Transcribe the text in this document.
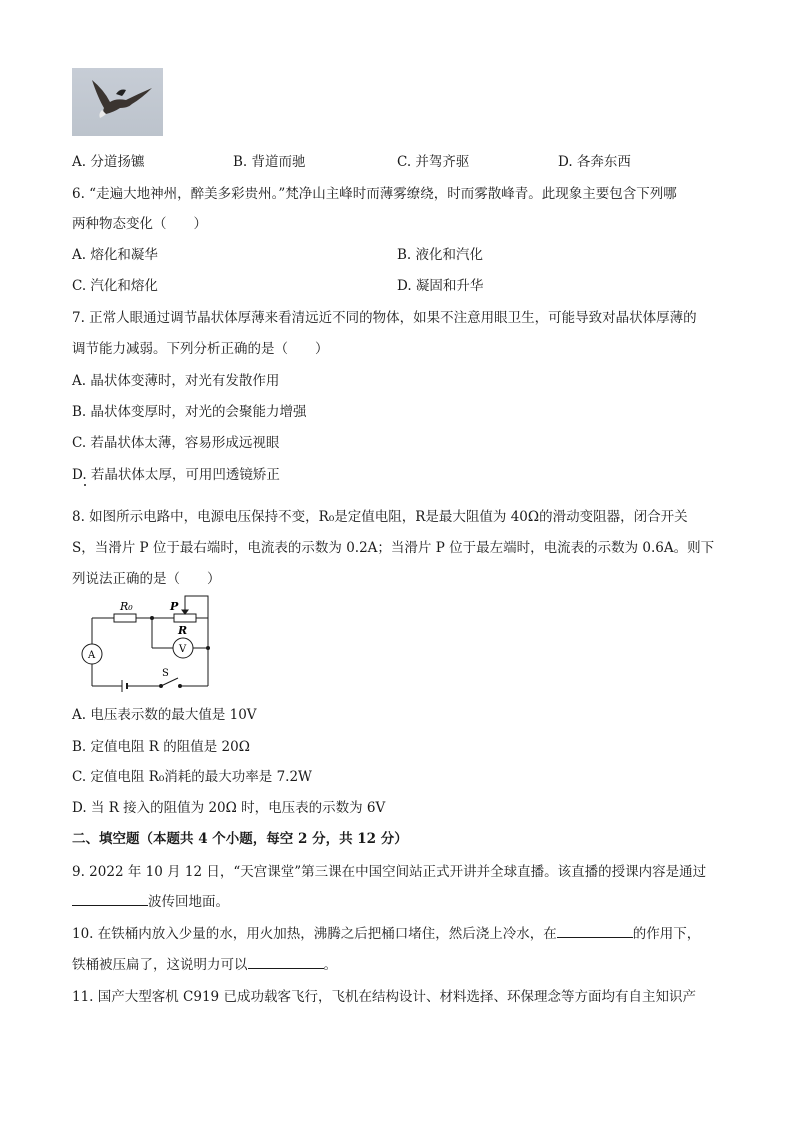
A. 分道扬镳	B. 背道而驰	C. 并驾齐驱	D. 各奔东西
6. “走遍大地神州，醉美多彩贵州。”梵净山主峰时而薄雾缭绕，时而雾散峰青。此现象主要包含下列哪
两种物态变化（　　）
A. 熔化和凝华	B. 液化和汽化
C. 汽化和熔化	D. 凝固和升华
7. 正常人眼通过调节晶状体厚薄来看清远近不同的物体，如果不注意用眼卫生，可能导致对晶状体厚薄的
调节能力减弱。下列分析正确的是（　　）
A. 晶状体变薄时，对光有发散作用
B. 晶状体变厚时，对光的会聚能力增强
C. 若晶状体太薄，容易形成远视眼
D. 若晶状体太厚，可用凹透镜矫正
8. 如图所示电路中，电源电压保持不变，R₀是定值电阻，R是最大阻值为 40Ω的滑动变阻器，闭合开关
S，当滑片 P 位于最右端时，电流表的示数为 0.2A；当滑片 P 位于最左端时，电流表的示数为 0.6A。则下
列说法正确的是（　　）
R₀	P
R
V
A
S
A. 电压表示数的最大值是 10V
B. 定值电阻 R 的阻值是 20Ω
C. 定值电阻 R₀消耗的最大功率是 7.2W
D. 当 R 接入的阻值为 20Ω 时，电压表的示数为 6V
二、填空题（本题共 4 个小题，每空 2 分，共 12 分）
9. 2022 年 10 月 12 日，“天宫课堂”第三课在中国空间站正式开讲并全球直播。该直播的授课内容是通过
波传回地面。
10. 在铁桶内放入少量的水，用火加热，沸腾之后把桶口堵住，然后浇上冷水，在	的作用下，
铁桶被压扁了，这说明力可以	。
11. 国产大型客机 C919 已成功载客飞行，飞机在结构设计、材料选择、环保理念等方面均有自主知识产
